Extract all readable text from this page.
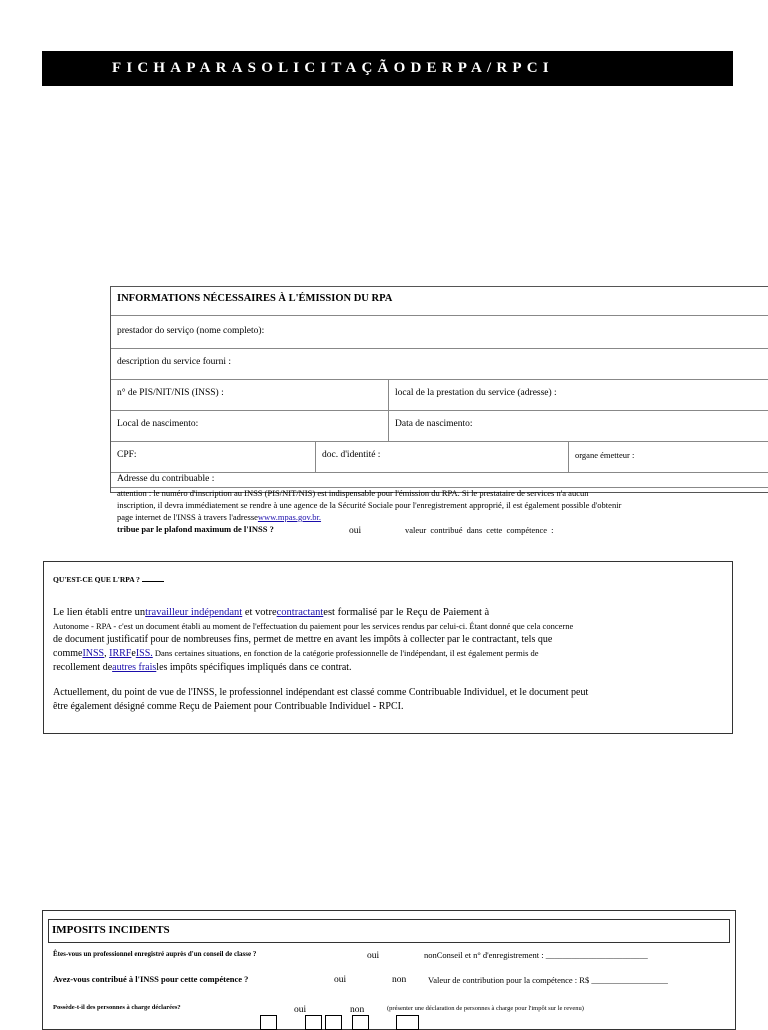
FICHAPARASOLICITAÇÃODERPA/RPCI
INFORMATIONS NÉCESSAIRES À L'ÉMISSION DU RPA
prestador do serviço (nome completo):
description du service fourni :
n° de PIS/NIT/NIS (INSS) :	local de la prestation du service (adresse) :
Local de nascimento:	Data de nascimento:
CPF:	doc. d'identité :	organe émetteur :
Adresse du contribuable :
attention : le numéro d'inscription au INSS (PIS/NIT/NIS) est indispensable pour l'émission du RPA. Si le prestataire de services n'a aucun
inscription, il devra immédiatement se rendre à une agence de la Sécurité Sociale pour l'enregistrement approprié, il est également possible d'obtenir
page internet de l'INSS à travers l'adressewww.mpas.gov.br.
tribue par le plafond maximum de l'INSS ?	oui	valeur contribué dans cette compétence :
QU'EST-CE QUE L'RPA ?
Le lien établi entre untravailleur indépendant et votrecontractantest formalisé par le Reçu de Paiement à
Autonome - RPA - c'est un document établi au moment de l'effectuation du paiement pour les services rendus par celui-ci. Étant donné que cela concerne
de document justificatif pour de nombreuses fins, permet de mettre en avant les impôts à collecter par le contractant, tels que
commeINSS, IRRFeISS. Dans certaines situations, en fonction de la catégorie professionnelle de l'indépendant, il est également permis de
recollement deautres fraisles impôts spécifiques impliqués dans ce contrat.
Actuellement, du point de vue de l'INSS, le professionnel indépendant est classé comme Contribuable Individuel, et le document peut
être également désigné comme Reçu de Paiement pour Contribuable Individuel - RPCI.
IMPOSITS INCIDENTS
Êtes-vous un professionnel enregistré auprès d'un conseil de classe ?	oui	nonConseil et n° d'enregistrement : ________________________
Avez-vous contribué à l'INSS pour cette compétence ?	oui	non	Valeur de contribution pour la compétence : R$ __________________
Possède-t-il des personnes à charge déclarées?	oui	non	(présenter une déclaration de personnes à charge pour l'impôt sur le revenu)
